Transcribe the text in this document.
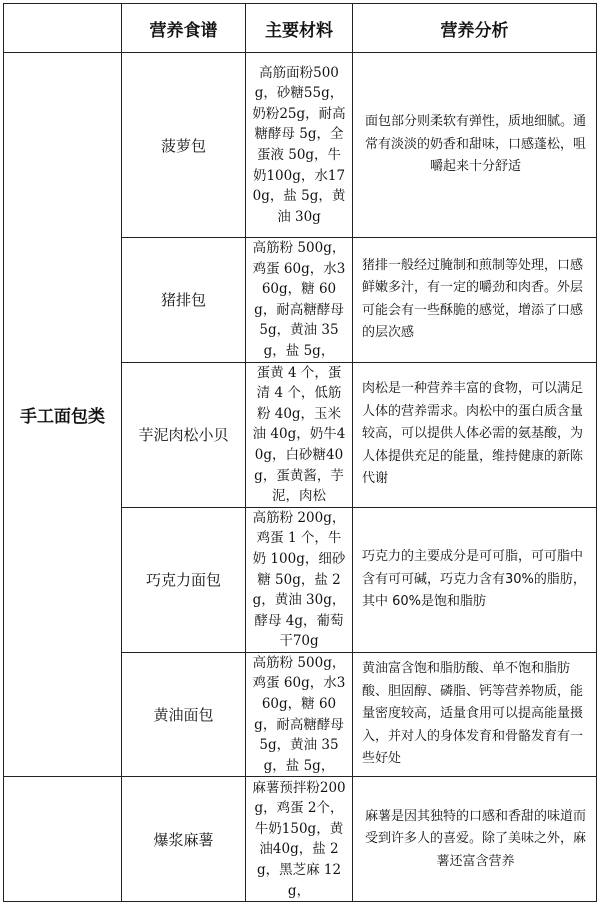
	营养食谱	主要材料	营养分析
手工面包类	菠萝包	高筋面粉500g，砂糖55g，奶粉25g，耐高糖酵母 5g，全蛋液 50g，牛奶100g，水170g，盐 5g，黄油 30g	面包部分则柔软有弹性，质地细腻。通常有淡淡的奶香和甜味，口感蓬松，咀嚼起来十分舒适
	猪排包	高筋粉 500g，鸡蛋 60g，水360g，糖 60g，耐高糖酵母5g，黄油 35g，盐 5g，	猪排一般经过腌制和煎制等处理，口感鲜嫩多汁，有一定的嚼劲和肉香。外层可能会有一些酥脆的感觉，增添了口感的层次感
	芋泥肉松小贝	蛋黄 4 个，蛋清 4 个，低筋粉 40g，玉米油 40g，奶牛40g，白砂糖40g，蛋黄酱，芋泥，肉松	肉松是一种营养丰富的食物，可以满足人体的营养需求。肉松中的蛋白质含量较高，可以提供人体必需的氨基酸，为人体提供充足的能量，维持健康的新陈代谢
	巧克力面包	高筋粉 200g，鸡蛋 1 个，牛奶 100g，细砂糖 50g，盐 2g，黄油 30g，酵母 4g，葡萄干70g	巧克力的主要成分是可可脂，可可脂中含有可可碱，巧克力含有30%的脂肪，其中 60%是饱和脂肪
	黄油面包	高筋粉 500g，鸡蛋 60g，水360g，糖 60g，耐高糖酵母5g，黄油 35g，盐 5g，	黄油富含饱和脂肪酸、单不饱和脂肪酸、胆固醇、磷脂、钙等营养物质，能量密度较高，适量食用可以提高能量摄入，并对人的身体发育和骨骼发育有一些好处
	爆浆麻薯	麻薯预拌粉200g，鸡蛋 2个，牛奶150g，黄油40g，盐 2g，黑芝麻 12g，	麻薯是因其独特的口感和香甜的味道而受到许多人的喜爱。除了美味之外，麻薯还富含营养
